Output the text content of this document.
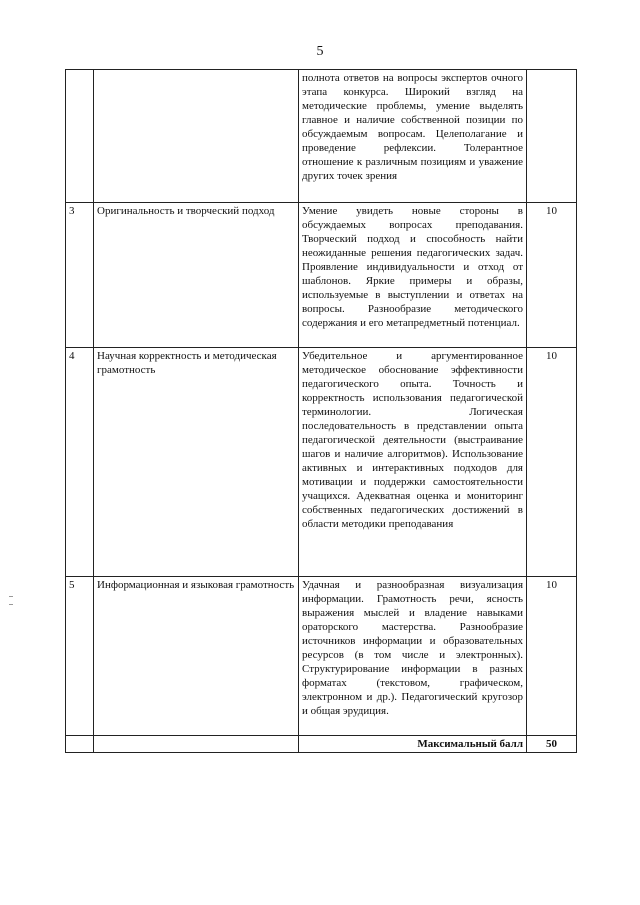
5
		полнота ответов на вопросы экспертов очного этапа конкурса. Широкий взгляд на методические проблемы, умение выделять главное и наличие собственной позиции по обсуждаемым вопросам. Целеполагание и проведение рефлексии. Толерантное отношение к различным позициям и уважение других точек зрения	
3	Оригинальность и творческий подход	Умение увидеть новые стороны в обсуждаемых вопросах преподавания. Творческий подход и способность найти неожиданные решения педагогических задач. Проявление индивидуальности и отход от шаблонов. Яркие примеры и образы, используемые в выступлении и ответах на вопросы. Разнообразие методического содержания и его метапредметный потенциал.	10
4	Научная корректность и методическая грамотность	Убедительное и аргументированное методическое обоснование эффективности педагогического опыта. Точность и корректность использования педагогической терминологии. Логическая последовательность в представлении опыта педагогической деятельности (выстраивание шагов и наличие алгоритмов). Использование активных и интерактивных подходов для мотивации и поддержки самостоятельности учащихся. Адекватная оценка и мониторинг собственных педагогических достижений в области методики преподавания	10
5	Информационная и языковая грамотность	Удачная и разнообразная визуализация информации. Грамотность речи, ясность выражения мыслей и владение навыками ораторского мастерства. Разнообразие источников информации и образовательных ресурсов (в том числе и электронных). Структурирование информации в разных форматах (текстовом, графическом, электронном и др.). Педагогический кругозор и общая эрудиция.	10
		Максимальный балл	50
